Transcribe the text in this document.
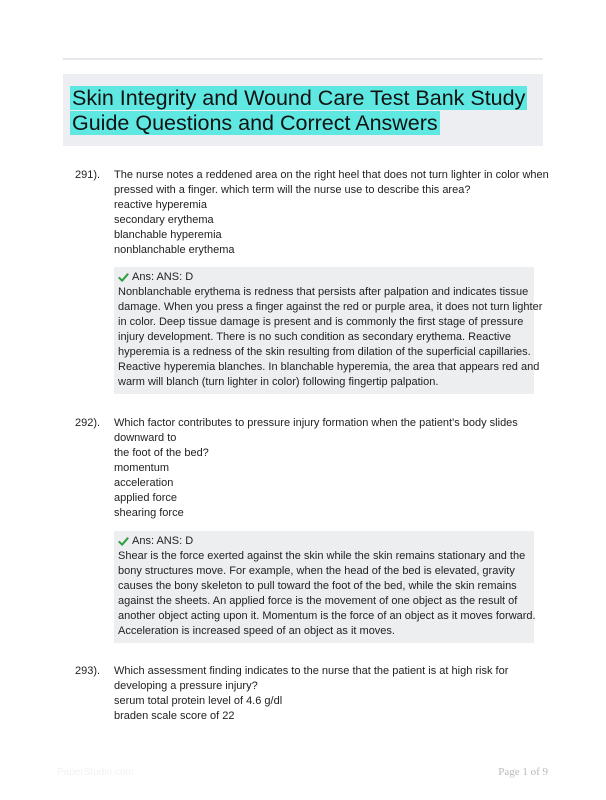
Skin Integrity and Wound Care Test Bank Study
Guide Questions and Correct Answers
291). The nurse notes a reddened area on the right heel that does not turn lighter in color when
pressed with a finger. which term will the nurse use to describe this area?
reactive hyperemia
secondary erythema
blanchable hyperemia
nonblanchable erythema
Ans: ANS: D
Nonblanchable erythema is redness that persists after palpation and indicates tissue
damage. When you press a finger against the red or purple area, it does not turn lighter
in color. Deep tissue damage is present and is commonly the first stage of pressure
injury development. There is no such condition as secondary erythema. Reactive
hyperemia is a redness of the skin resulting from dilation of the superficial capillaries.
Reactive hyperemia blanches. In blanchable hyperemia, the area that appears red and
warm will blanch (turn lighter in color) following fingertip palpation.
292). Which factor contributes to pressure injury formation when the patient's body slides
downward to
the foot of the bed?
momentum
acceleration
applied force
shearing force
Ans: ANS: D
Shear is the force exerted against the skin while the skin remains stationary and the
bony structures move. For example, when the head of the bed is elevated, gravity
causes the bony skeleton to pull toward the foot of the bed, while the skin remains
against the sheets. An applied force is the movement of one object as the result of
another object acting upon it. Momentum is the force of an object as it moves forward.
Acceleration is increased speed of an object as it moves.
293). Which assessment finding indicates to the nurse that the patient is at high risk for
developing a pressure injury?
serum total protein level of 4.6 g/dl
braden scale score of 22
PaperStudio.com	Page 1 of 9
